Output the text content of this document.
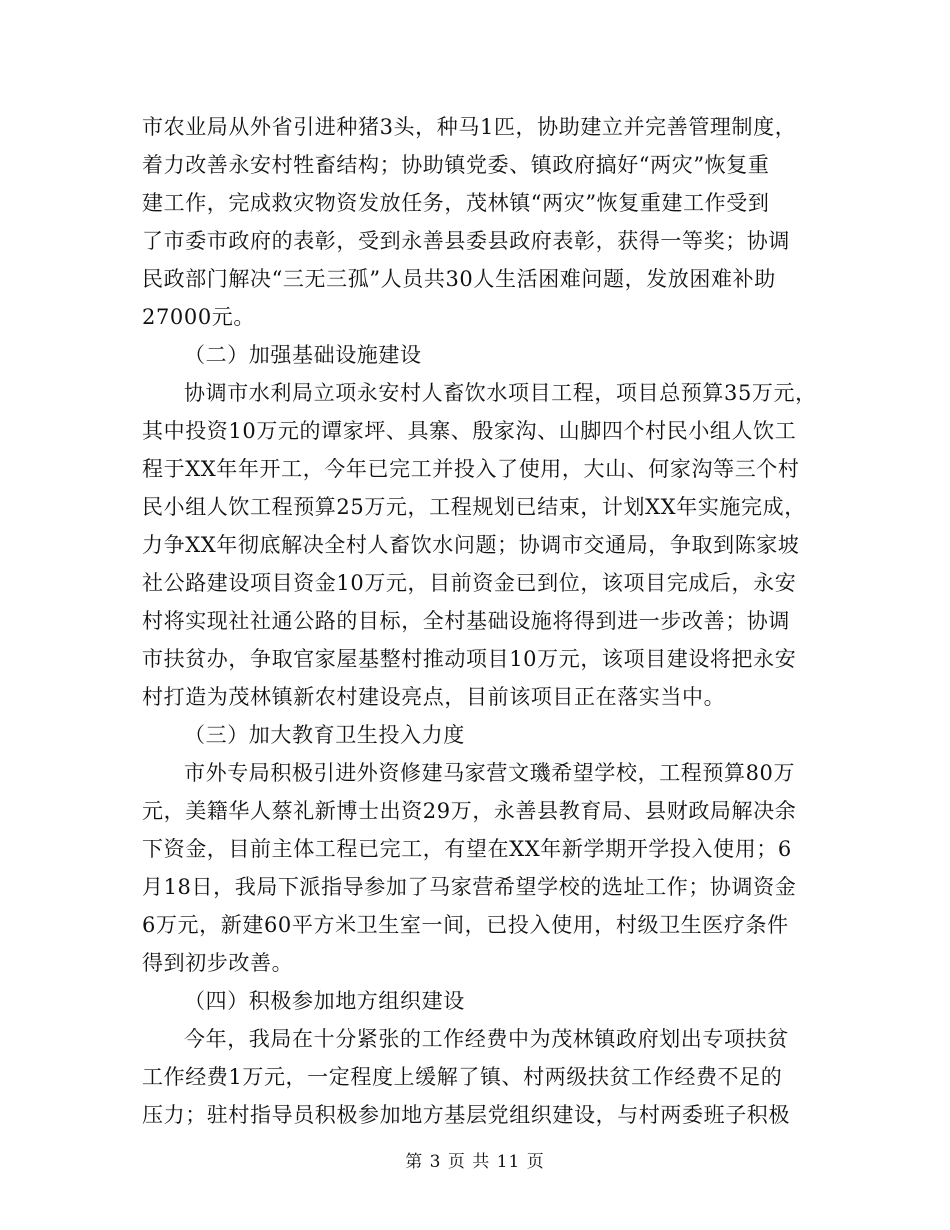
市农业局从外省引进种猪3头，种马1匹，协助建立并完善管理制度，
着力改善永安村牲畜结构；协助镇党委、镇政府搞好“两灾”恢复重
建工作，完成救灾物资发放任务，茂林镇“两灾”恢复重建工作受到
了市委市政府的表彰，受到永善县委县政府表彰，获得一等奖；协调
民政部门解决“三无三孤”人员共30人生活困难问题，发放困难补助
27000元。
（二）加强基础设施建设
协调市水利局立项永安村人畜饮水项目工程，项目总预算35万元，
其中投资10万元的谭家坪、具寨、殷家沟、山脚四个村民小组人饮工
程于XX年年开工，今年已完工并投入了使用，大山、何家沟等三个村
民小组人饮工程预算25万元，工程规划已结束，计划XX年实施完成，
力争XX年彻底解决全村人畜饮水问题；协调市交通局，争取到陈家坡
社公路建设项目资金10万元，目前资金已到位，该项目完成后，永安
村将实现社社通公路的目标，全村基础设施将得到进一步改善；协调
市扶贫办，争取官家屋基整村推动项目10万元，该项目建设将把永安
村打造为茂林镇新农村建设亮点，目前该项目正在落实当中。
（三）加大教育卫生投入力度
市外专局积极引进外资修建马家营文璣希望学校，工程预算80万
元，美籍华人蔡礼新博士出资29万，永善县教育局、县财政局解决余
下资金，目前主体工程已完工，有望在XX年新学期开学投入使用；6
月18日，我局下派指导参加了马家营希望学校的选址工作；协调资金
6万元，新建60平方米卫生室一间，已投入使用，村级卫生医疗条件
得到初步改善。
（四）积极参加地方组织建设
今年，我局在十分紧张的工作经费中为茂林镇政府划出专项扶贫
工作经费1万元，一定程度上缓解了镇、村两级扶贫工作经费不足的
压力；驻村指导员积极参加地方基层党组织建设，与村两委班子积极
第 3 页 共 11 页
